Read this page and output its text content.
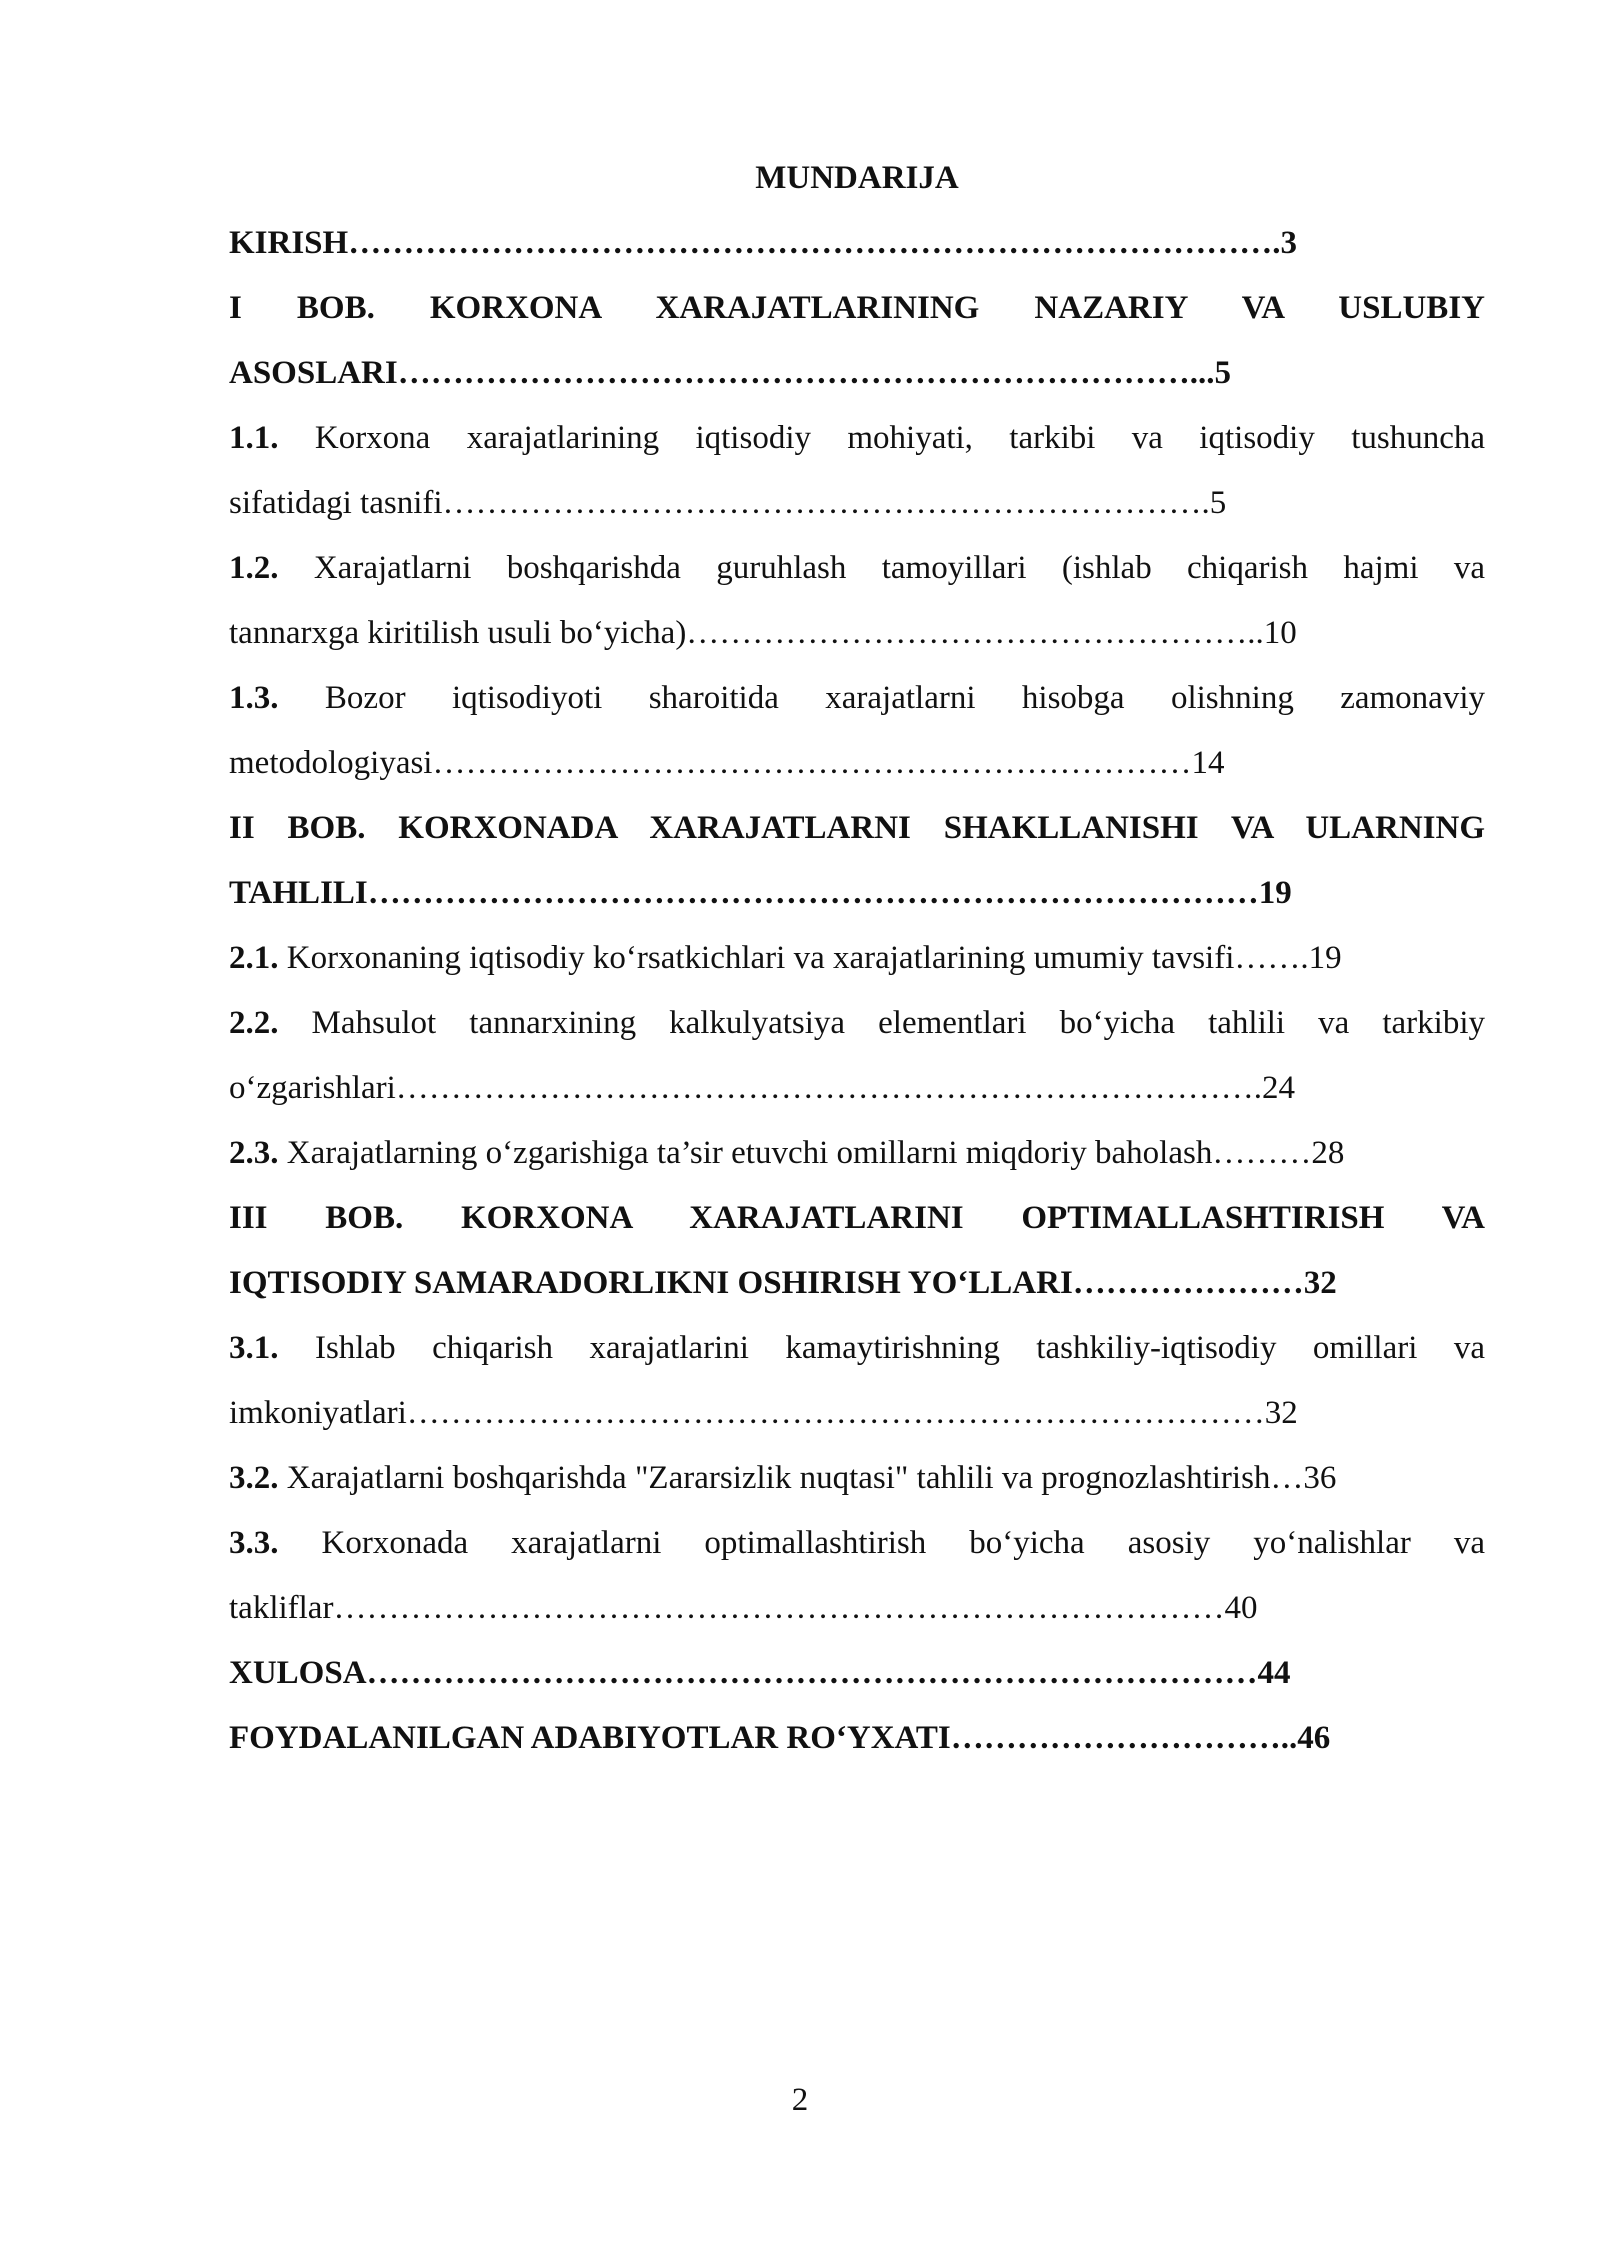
MUNDARIJA
KIRISH………………………………………………………………………….3
I BOB. KORXONA XARAJATLARINING NAZARIY VA USLUBIY
ASOSLARI………………………………………………………………...5
1.1. Korxona xarajatlarining iqtisodiy mohiyati, tarkibi va iqtisodiy tushuncha
sifatidagi tasnifi…………………………………………………………….5
1.2. Xarajatlarni boshqarishda guruhlash tamoyillari (ishlab chiqarish hajmi va
tannarxga kiritilish usuli bo‘yicha)……………………………………………..10
1.3. Bozor iqtisodiyoti sharoitida xarajatlarni hisobga olishning zamonaviy
metodologiyasi……………………………………………………………14
II BOB. KORXONADA XARAJATLARNI SHAKLLANISHI VA ULARNING
TAHLILI………………………………………………………………………19
2.1. Korxonaning iqtisodiy ko‘rsatkichlari va xarajatlarining umumiy tavsifi…….19
2.2. Mahsulot tannarxining kalkulyatsiya elementlari bo‘yicha tahlili va tarkibiy
o‘zgarishlari…………………………………………………………………….24
2.3. Xarajatlarning o‘zgarishiga ta’sir etuvchi omillarni miqdoriy baholash………28
III BOB. KORXONA XARAJATLARINI OPTIMALLASHTIRISH VA
IQTISODIY SAMARADORLIKNI OSHIRISH YO‘LLARI…………………32
3.1. Ishlab chiqarish xarajatlarini kamaytirishning tashkiliy-iqtisodiy omillari va
imkoniyatlari……………………………………………………………………32
3.2. Xarajatlarni boshqarishda "Zararsizlik nuqtasi" tahlili va prognozlashtirish…36
3.3. Korxonada xarajatlarni optimallashtirish bo‘yicha asosiy yo‘nalishlar va
takliflar………………………………………………………………………40
XULOSA………………………………………………………………………44
FOYDALANILGAN ADABIYOTLAR RO‘YXATI…………………………..46
2
